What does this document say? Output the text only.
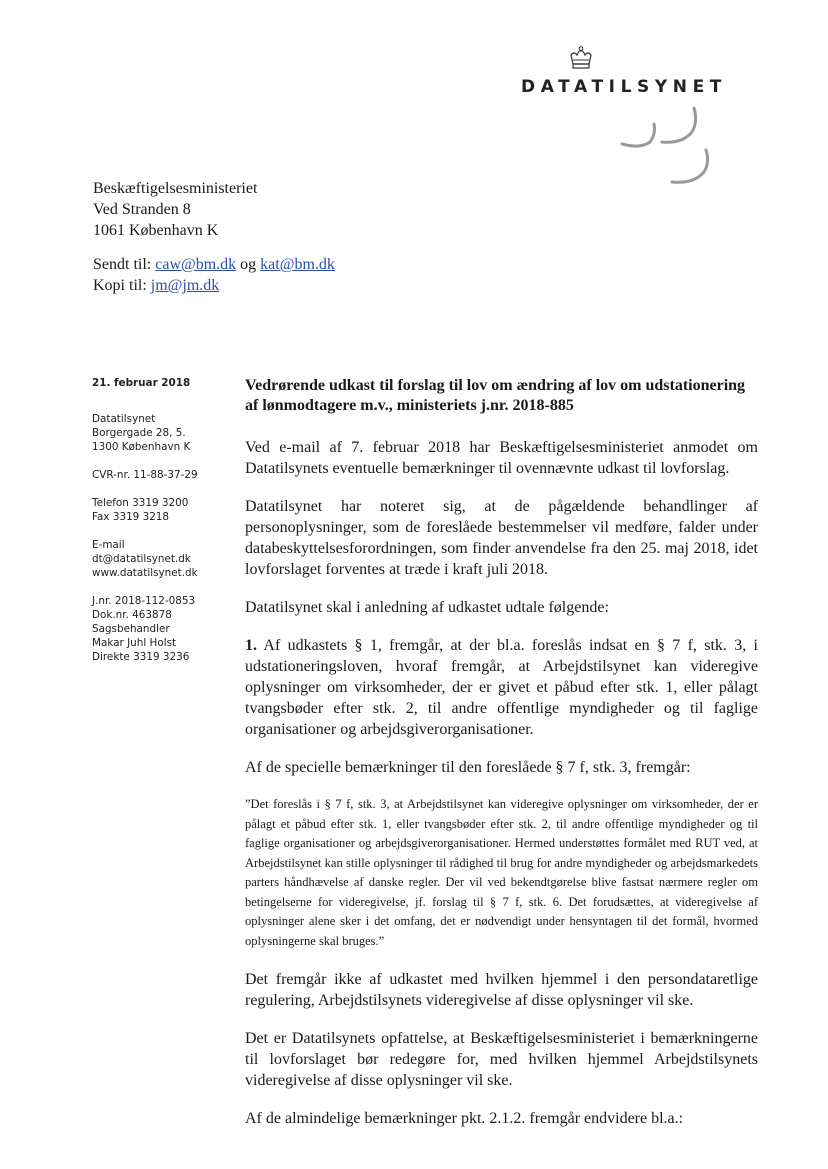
DATATILSYNET
Beskæftigelsesministeriet
Ved Stranden 8
1061 København K
Sendt til: caw@bm.dk og kat@bm.dk
Kopi til: jm@jm.dk
21. februar 2018
Datatilsynet
Borgergade 28, 5.
1300 København K
CVR-nr. 11-88-37-29
Telefon 3319 3200
Fax 3319 3218
E-mail
dt@datatilsynet.dk
www.datatilsynet.dk
J.nr. 2018-112-0853
Dok.nr. 463878
Sagsbehandler
Makar Juhl Holst
Direkte 3319 3236
Vedrørende udkast til forslag til lov om ændring af lov om udstationering af lønmodtagere m.v., ministeriets j.nr. 2018-885

Ved e-mail af 7. februar 2018 har Beskæftigelsesministeriet anmodet om Datatilsynets eventuelle bemærkninger til ovennævnte udkast til lovforslag.

Datatilsynet har noteret sig, at de pågældende behandlinger af personoplysninger, som de foreslåede bestemmelser vil medføre, falder under databeskyttelsesforordningen, som finder anvendelse fra den 25. maj 2018, idet lovforslaget forventes at træde i kraft juli 2018.

Datatilsynet skal i anledning af udkastet udtale følgende:

1. Af udkastets § 1, fremgår, at der bl.a. foreslås indsat en § 7 f, stk. 3, i udstationeringsloven, hvoraf fremgår, at Arbejdstilsynet kan videregive oplysninger om virksomheder, der er givet et påbud efter stk. 1, eller pålagt tvangsbøder efter stk. 2, til andre offentlige myndigheder og til faglige organisationer og arbejdsgiverorganisationer.

Af de specielle bemærkninger til den foreslåede § 7 f, stk. 3, fremgår:

”Det foreslås i § 7 f, stk. 3, at Arbejdstilsynet kan videregive oplysninger om virksomheder, der er pålagt et påbud efter stk. 1, eller tvangsbøder efter stk. 2, til andre offentlige myndigheder og til faglige organisationer og arbejdsgiverorganisationer. Hermed understøttes formålet med RUT ved, at Arbejdstilsynet kan stille oplysninger til rådighed til brug for andre myndigheder og arbejdsmarkedets parters håndhævelse af danske regler. Der vil ved bekendtgørelse blive fastsat nærmere regler om betingelserne for videregivelse, jf. forslag til § 7 f, stk. 6. Det forudsættes, at videregivelse af oplysninger alene sker i det omfang, det er nødvendigt under hensyntagen til det formål, hvormed oplysningerne skal bruges.”

Det fremgår ikke af udkastet med hvilken hjemmel i den persondataretlige regulering, Arbejdstilsynets videregivelse af disse oplysninger vil ske.

Det er Datatilsynets opfattelse, at Beskæftigelsesministeriet i bemærkningerne til lovforslaget bør redegøre for, med hvilken hjemmel Arbejdstilsynets videregivelse af disse oplysninger vil ske.

Af de almindelige bemærkninger pkt. 2.1.2. fremgår endvidere bl.a.:
